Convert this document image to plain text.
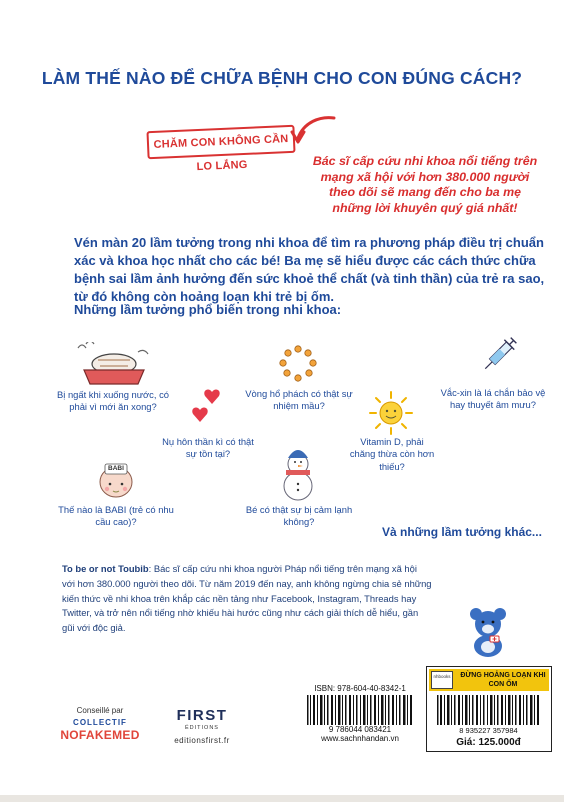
LÀM THẾ NÀO ĐỂ CHỮA BỆNH CHO CON ĐÚNG CÁCH?
CHĂM CON KHÔNG CẦN LO LẮNG	Bác sĩ cấp cứu nhi khoa nổi tiếng trên mạng xã hội với hơn 380.000 người theo dõi sẽ mang đến cho ba mẹ những lời khuyên quý giá nhất!
Vén màn 20 lầm tưởng trong nhi khoa để tìm ra phương pháp điều trị chuẩn xác và khoa học nhất cho các bé! Ba mẹ sẽ hiểu được các cách thức chữa bệnh sai lầm ảnh hưởng đến sức khoẻ thể chất (và tinh thần) của trẻ ra sao, từ đó không còn hoảng loạn khi trẻ bị ốm.
Những lầm tưởng phổ biến trong nhi khoa:
Bị ngất khi xuống nước, có phải vì mới ăn xong?
Nụ hôn thần kì có thật sự tồn tại?
Vòng hổ phách có thật sự nhiệm mầu?
Vitamin D, phải chăng thừa còn hơn thiếu?
Vắc-xin là lá chắn bảo vệ hay thuyết âm mưu?
BABI
Thế nào là BABI (trẻ có nhu cầu cao)?
Bé có thật sự bị cảm lạnh không?
Và những lầm tưởng khác...
To be or not Toubib: Bác sĩ cấp cứu nhi khoa người Pháp nổi tiếng trên mạng xã hội với hơn 380.000 người theo dõi. Từ năm 2019 đến nay, anh không ngừng chia sẻ những kiến thức về nhi khoa trên khắp các nền tảng như Facebook, Instagram, Threads hay Twitter, và trở nên nổi tiếng nhờ khiếu hài hước cũng như cách giải thích dễ hiểu, gần gũi với độc giả.
Conseillé par
COLLECTIF
NOFAKEMED
FIRST
ÉDITIONS
editionsfirst.fr
ISBN: 978-604-40-8342-1
9 786044 083421
www.sachnhandan.vn
nhbooks	ĐỪNG HOẢNG LOẠN KHI CON ỐM
8 935227 357984
Giá: 125.000đ
